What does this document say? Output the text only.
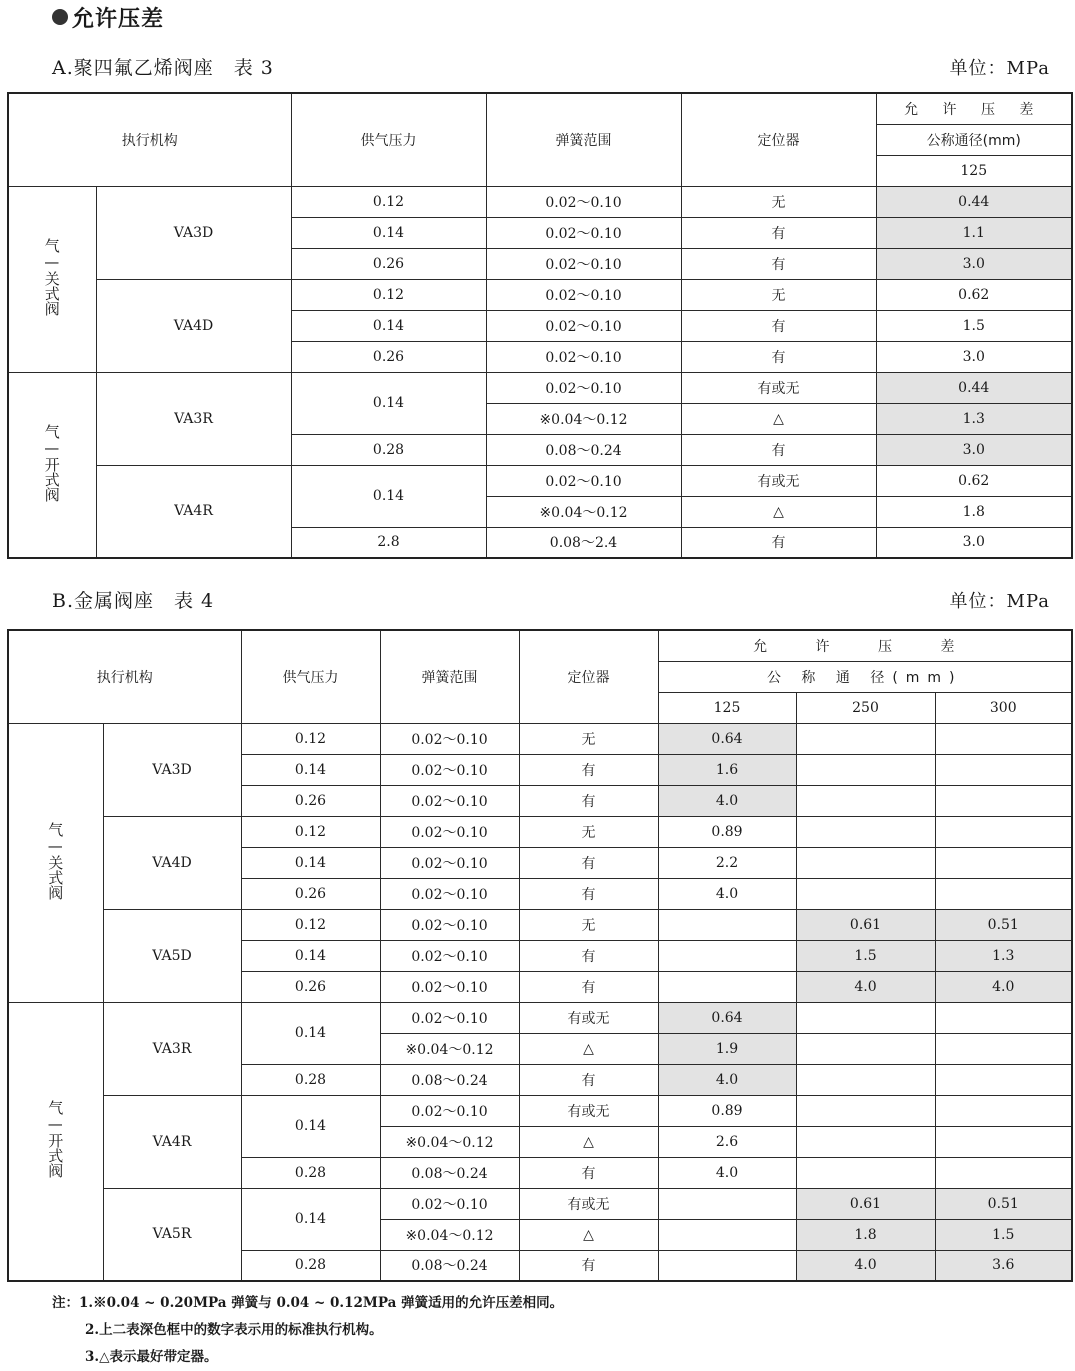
允许压差
A.聚四氟乙烯阀座　表 3	单位：MPa
执行机构		供气压力	弹簧范围	定位器	允 许 压 差
					公称通径(mm)
					125
气—关式阀	VA3D	0.12	0.02～0.10	无	0.44
		0.14	0.02～0.10	有	1.1
		0.26	0.02～0.10	有	3.0
	VA4D	0.12	0.02～0.10	无	0.62
		0.14	0.02～0.10	有	1.5
		0.26	0.02～0.10	有	3.0
气—开式阀	VA3R	0.14	0.02～0.10	有或无	0.44
			※0.04～0.12	△	1.3
		0.28	0.08～0.24	有	3.0
	VA4R	0.14	0.02～0.10	有或无	0.62
			※0.04～0.12	△	1.8
		2.8	0.08～2.4	有	3.0
B.金属阀座　表 4	单位：MPa
执行机构		供气压力	弹簧范围	定位器	允 许 压 差		
					公 称 通 径(mm)		
					125	250	300
气—关式阀	VA3D	0.12	0.02～0.10	无	0.64		
		0.14	0.02～0.10	有	1.6		
		0.26	0.02～0.10	有	4.0		
	VA4D	0.12	0.02～0.10	无	0.89		
		0.14	0.02～0.10	有	2.2		
		0.26	0.02～0.10	有	4.0		
	VA5D	0.12	0.02～0.10	无		0.61	0.51
		0.14	0.02～0.10	有		1.5	1.3
		0.26	0.02～0.10	有		4.0	4.0
气—开式阀	VA3R	0.14	0.02～0.10	有或无	0.64		
			※0.04～0.12	△	1.9		
		0.28	0.08～0.24	有	4.0		
	VA4R	0.14	0.02～0.10	有或无	0.89		
			※0.04～0.12	△	2.6		
		0.28	0.08～0.24	有	4.0		
	VA5R	0.14	0.02～0.10	有或无		0.61	0.51
			※0.04～0.12	△		1.8	1.5
		0.28	0.08～0.24	有		4.0	3.6
注：1.※0.04 ~ 0.20MPa 弹簧与 0.04 ~ 0.12MPa 弹簧适用的允许压差相同。
2.上二表深色框中的数字表示用的标准执行机构。
3.△表示最好带定器。
